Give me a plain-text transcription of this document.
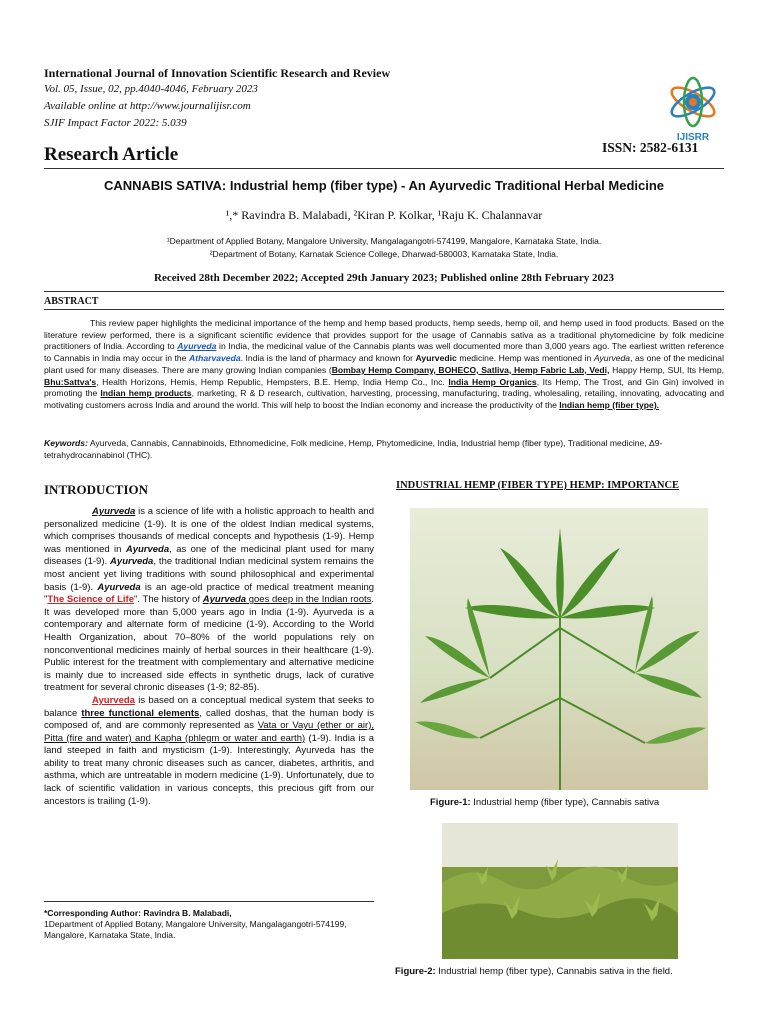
International Journal of Innovation Scientific Research and Review
Vol. 05, Issue, 02, pp.4040-4046, February 2023
Available online at http://www.journalijisr.com
SJIF Impact Factor 2022: 5.039
IJISRR
Research Article	ISSN: 2582-6131
CANNABIS SATIVA: Industrial hemp (fiber type) - An Ayurvedic Traditional Herbal Medicine
¹,* Ravindra B. Malabadi, ²Kiran P. Kolkar, ¹Raju K. Chalannavar
¹Department of Applied Botany, Mangalore University, Mangalagangotri-574199, Mangalore, Karnataka State, India.
²Department of Botany, Karnatak Science College, Dharwad-580003, Karnataka State, India.
Received 28th December 2022; Accepted 29th January 2023; Published online 28th February 2023
ABSTRACT
This review paper highlights the medicinal importance of the hemp and hemp based products, hemp seeds, hemp oil, and hemp used in food products. Based on the literature review performed, there is a significant scientific evidence that provides support for the usage of Cannabis sativa as a traditional phytomedicine by folk medicine practitioners of India. According to Ayurveda in India, the medicinal value of the Cannabis plants was well documented more than 3,000 years ago. The earliest written reference to Cannabis in India may occur in the Atharvaveda. India is the land of pharmacy and known for Ayurvedic medicine. Hemp was mentioned in Ayurveda, as one of the medicinal plant used for many diseases. There are many growing Indian companies (Bombay Hemp Company, BOHECO, Satliva, Hemp Fabric Lab, Vedi, Happy Hemp, SUI, Its Hemp, Bhu:Sattva's, Health Horizons, Hemis, Hemp Republic, Hempsters, B.E. Hemp, India Hemp Co., Inc. India Hemp Organics, Its Hemp, The Trost, and Gin Gin) involved in promoting the Indian hemp products, marketing, R & D research, cultivation, harvesting, processing, manufacturing, trading, wholesaling, retailing, innovating, advocating and motivating customers across India and around the world. This will help to boost the Indian economy and increase the productivity of the Indian hemp (fiber type).
Keywords: Ayurveda, Cannabis, Cannabinoids, Ethnomedicine, Folk medicine, Hemp, Phytomedicine, India, Industrial hemp (fiber type), Traditional medicine, Δ9-tetrahydrocannabinol (THC).
INTRODUCTION

Ayurveda is a science of life with a holistic approach to health and personalized medicine (1-9). It is one of the oldest Indian medical systems, which comprises thousands of medical concepts and hypothesis (1-9). Hemp was mentioned in Ayurveda, as one of the medicinal plant used for many diseases (1-9). Ayurveda, the traditional Indian medicinal system remains the most ancient yet living traditions with sound philosophical and experimental basis (1-9). Ayurveda is an age-old practice of medical treatment meaning "The Science of Life". The history of Ayurveda goes deep in the Indian roots. It was developed more than 5,000 years ago in India (1-9). Ayurveda is a contemporary and alternate form of medicine (1-9). According to the World Health Organization, about 70–80% of the world populations rely on nonconventional medicines mainly of herbal sources in their healthcare (1-9). Public interest for the treatment with complementary and alternative medicine is mainly due to increased side effects in synthetic drugs, lack of curative treatment for several chronic diseases (1-9; 82-85).

Ayurveda is based on a conceptual medical system that seeks to balance three functional elements, called doshas, that the human body is composed of, and are commonly represented as Vata or Vayu (ether or air), Pitta (fire and water) and Kapha (phlegm or water and earth) (1-9). India is a land steeped in faith and mysticism (1-9). Interestingly, Ayurveda has the ability to treat many chronic diseases such as cancer, diabetes, arthritis, and asthma, which are untreatable in modern medicine (1-9). Unfortunately, due to lack of scientific validation in various concepts, this precious gift from our ancestors is trailing (1-9).

*Corresponding Author: Ravindra B. Malabadi,
1Department of Applied Botany, Mangalore University, Mangalagangotri-574199,
Mangalore, Karnataka State, India.
INDUSTRIAL HEMP (FIBER TYPE) HEMP: IMPORTANCE
Figure-1: Industrial hemp (fiber type), Cannabis sativa
Figure-2: Industrial hemp (fiber type), Cannabis sativa in the field.
